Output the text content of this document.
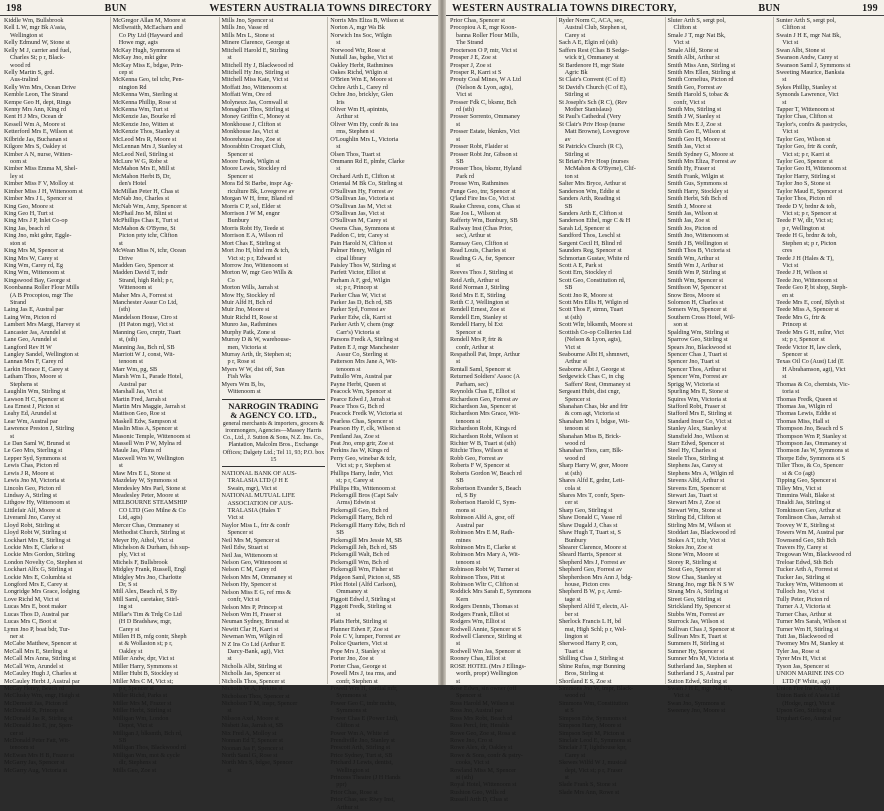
198	BUN	WESTERN AUSTRALIA TOWNS DIRECTORY
Kiddle Wm, Bullsbrook
Kell L W, mgr Bk A'asia,
Wellington st
Kelly Edmund W, Stone st
Kelly M J, carrier and fuel,
Charles St; p r, Black-
wood rd
Kelly Martin S, grd.
Aus-tralind
Kelly Wm Mrs, Ocean Drive
Kemble Leon, The Strand
Kempe Geo H, dept, Rings
Kenny Mrs Ann, King rd
Kent H J Mrs, Ocean dr
Kessell Wm A, Moore st
Ketterford Mrs E, Wilson st
Kilbride Jas, Buchanan st
Kilgore Mrs S, Oakley st
Kimber A N, nurse, Witten-
oom st
Kimber Miss Emma M, Shel-
ley st
Kimber Miss F V, Molloy st
Kimber Miss J H, Wittenoom st
Kimber Mrs J L, Spencer st
King Geo, Moore st
King Geo H, Turt st
King Mrs J P, Inlet Co-op
King Jas, beach rd
King Jno, mkt gdnr, Eggle-
ston st
King Mrs M, Spencer st
King Mrs W, Carey st
King Wm, Carey rd, Eg
King Wm, Wittenoom st
Kingswood Bay, George st
Koonbanna Roller Flour Mills
(A B Procopiou, mgr The
Strand
Laing Jas E, Austral par
Laing Wm, Picton rd
Lambert Mrs Margt, Harvey st
Lancaster Jas, Arundel st
Lane Geo, Arundel st
Langford Rev H W
Langley Sandel, Wellington st
Lannan Mrs F, Carey rd
Larkin Horace E, Carey st
Latham Thos, Moore st
Stephens st
Laughlin Wm, Stirling st
Lawson H C, Spencer st
Lea Ernest J, Picton st
Leahy Ed, Arundel st
Lear Wm, Austral par
Lawrence Preston J, Stirling
st
Le Dan Saml W, Brunsd st
Le Geo Mrs, Sterling st
Lepper Syd, Symmons st
Lewis Chas, Picton rd
Lewis J R, Moore st
Lewis Jno M, Victoria st
Lincoln Geo, Picton rd
Lindsay A, Stirling st
Lithgow Hy, Wittenoom st
Littlefair Alf, Moore st
Liveraml Jno, Carey st
Lloyd Robt, Stirling st
Lloyd Robt W, Stirling st
Lockhart Mrs E, Stirling st
Lockie Mrs E, Clarke st
Lockie Mrs Gordon, Stirling
London Novelty Co, Stephen st
Lockhart Alfx G, Stirling st
Lockie Mrs E, Columbia st
Longford Mrs E, Carey st
Longridge Mrs Grace, lodging
Love Richd M, Vict st
Lucas Mrs E, boot maker
Lucas Thos D, Austral par
Lucas Mrs C, Boot st
Lymn Jno P, boat bdr, Tur-
ner st
McCabe Matthew, Spencer st
McCall Mrs E, Sterling st
McCall Mrs Anna, Stirling st
McCall Wm, Arundel st
McCauley Hugh J, Charles st
McCauley Herbt J, Austral par
McCay Henry, Beach rd
McClusky Wm, engr, Haigh st
McDermott Jas, Picton rd
McDonald R, Princep st
McDonald Jas R, Stirling st
McDonald Jno E, jnr, Spen-
cer st
McDonald Peter Fatt, Wit-
tenoom st
McEwan Mrs H B, Frazer st
McGarry Jas, Spencer st
McGarry Aug, Victoria st
McGregor Allan M, Moore st
McIlwraith, McEacharn and
Co Pty Ltd (Hayward and
Howe mgr, agts
McKay Hugh, Symmons st
McKay Jno, mkt gdnr
McKay Miss E, bdgse, Prin-
cep st
McKenna Geo, tel tchr, Pen-
nington Rd
McKenna Wm, Sterling st
McKenna Phillip, Rose st
McKenna Wm, Turt st
McKenzie Jas, Bourke rd
McKenzie Jno, Witten st
McKenzie Thos, Stanley st
McLeod Mrs R, Moore st
McLennan Mrs J, Stanley st
McLeod Neil, Stirling st
McLure W G, Robe st
McMahon Mrs E, Mill st
McMahon Herbt B, Dr,
den's Hotel
McMillan Peter H, Chas st
McNab Jno, Charles st
McNab Wm, Amy, Spencer st
McPhail Jno M, Blint st
McPhillips Chas E, Turt st
McMahon & O'Byrne, St
Picton prty tchr, Clifton
st
McWean Miss N, tchr, Ocean
Drive
Madden Geo, Spencer st
Madden David T, tndr
Strand, high Rehl; p r,
Wittenoom st
Maher Mrs A, Forrest st
Manchester Assur Co Ltd,
(sth)
Mandelson House, Ciro st
(H Paton mgr), Vict st
Manning Geo, cnrptr, Tuart
st, (sth)
Manning Jas, Bch rd, SB
Marriott W J, const, Wit-
tenoom st
Marr Wm, pg, SB
Marsh Wm L, Parade Hotel,
Austral par
Marshall Jas, Vict st
Martin Fred, Jarrah st
Martin Mrs Maggie, Jarrah st
Mattison Geo, Roe st
Maskell Edw, Sampson st
Maslin Miss A, Spencer st
Masonic Temple, Wittenoom st
Massell Wm P W, Mylna rd
Maule Jas, Pluns rd
Maxwell Wm W, Wellington
st
Maw Mrs E L, Stone st
Mazdelay W, Symmons st
Mendesley Mrs Parl, Stone st
Meadesley Peter, Moore st
MELBOURNE STEAMSHIP
CO LTD (Geo Milne & Co
Ltd, agts)
Mercer Chas, Ommaney st
Methodist Church, Stirling st
Meyer Hy, Athol, Vict st
Michelson & Durham, fsh sup-
ply, Vict st
Michels F, Bullsbrook
Midgley Frank, Russell, Engl
Midgley Mrs Jno, Charlotte
Dr, S st
Mill Alex, Beach rd, S By
Mill Saml, caretaker, Stirl-
ing st
Millar's Tim & Trdg Co Ltd
(H D Bradshaw, mgr,
Carey st
Millen H B, mfg contr, Sheph
st & Wollaston st; p r,
Oakley st
Miller Andw, dpr, Vict st
Miller Harry, Symmons st
Miller Hubt B, Stockley st
Miller Mrs C M, Vict st;
p r, Spencer st
Miller Richd, Parks st
Miller Mrs M, Frazer st
Miller Herbt, Stirling st
Milligan Wm, London
Depot, Vict st
Milligan J, blksmth, Bch rd,
SB
Milligan Thos, Blackwood rd
Milligan Wm, mot & cycle
dlr, Stephens st
Mills Geo, Zoe st
Mills Jno, Spencer st
Mills Jno, Vasse rd
Mills Mrs L, Stone st
Minere Clarence, George st
Mitchell Harold E, Stirling
st
Mitchell Hy J, Blackwood rd
Mitchell Hy Jno, Stirling st
Mitchell Miss Kate, Vict st
Moffatt Jno, Wittenoom st
Moffatt Wm, Ore rd
Molyneux Jas, Cornwall st
Monaghan Thos, Stirling st
Money Griffin C, Money st
Monkhouse J, Clifton st
Monkhouse Jas, Vict st
Moorehouse Jno, Zoe st
Moorabbin Croquet Club,
Spencer st
Moore Frank, Wilgin st
Moore Lewis, Stockley rd
Spencer st
Mora Ed St Barbe, inspr Ag-
riculture Bk, Lovegrove av
Morgan W H, frmr, Bland rd
Morris C P, sol, Elder st
Morrison J W M, engnr
Bunbury
Morris Robt Hy, Teede st
Morrison E A, Wilson rd
Mort Chas E, Stirling st
Mort Jno H, blnd rm & tch,
Vict st; p r, Edward st
Morrow Jno, Wittenoom st
Morton W, mgr Geo Wills &
Co
Morton Wills, Jarrah st
Mow Hy, Stockley rd
Muir Alfd H, Bch rd
Muir Jno, Moore st
Muir Richd H, Rose st
Munro Jas, Rathmines
Murphy Patk, Zone st
Murray D & W, warehouse-
men, Victoria st
Murray Arth, tlr, Stephen st;
p r, Rose st
Myers W W, dist off, Sun
Fish Wks
Myers Wm B, bs,
Wittenoom st
NARROGIN TRADING
& AGENCY CO. LTD.,
general merchants & importers, grocers & ironmongers, Agencies—Massey Harris Co., Ltd., J. Sutton & Sons, N.Z. Ins. Co., Plantation, Malcolm Bros., Exchange Offices; Dalgety Ltd.; Tel 11, 93; P.O. box 15
NATIONAL BANK OF AUS-
TRALASIA LTD (J H E
Swain, mgr), Vict st
NATIONAL MUTUAL LIFE
ASSOCIATION OF AUS-
TRALASIA (Hales T
Vict st
Naylor Miss L, frtr & confr
Spencer st
Neil Mrs M, Spencer st
Neil Edw, Stuart st
Neil Jas, Wittenoom st
Nelson Geo, Wittenoom st
Nelson C M, Carey rd
Nelson Mrs M, Ommaney st
Nelson Hy, Spencer st
Nelson Miss E G, ref rms &
confr, Vict st
Nelson Mrs P, Princep st
Nelson Wm H, Fraser st
Neuman Sydney, Brunsd st
Newitt Clar H, Karri st
Newman Wm, Wilgin rd
N Z Ins Co Ltd (Arthur E
Darcy-Bank, agt), Vict
st
Nicholls Albt, Stirling st
Nicholls Jas, Spencer st
Nicholls Thos, Spencer st
Nicholls W A, Perkins st
Nicholson Thos, Spencer st
Nicholson T M, inspr, Spencer
st
Nilsson Axel, Moore st
Nisbett Jas, Jarrah st, SB
Nix Fred A, Molloy st
Nonnan Ed T, Spencer st
Noonan Jas F, Spencer st
North Saml G, Rose st
North Mrs S, bdgse, Spencer
st
Norris Mrs Eliza B, Wilson st
Norton A, mgr Wa Bk
Norwich Ins Soc, Wilgin
st
Norwood Wtr, Rose st
Nuttall Jas, bgdse, Vict st
Oakley Herbt, Rathmines
Oakes Richd, Wilgin st
O'Brien Wm E, Moore st
Ochre Arth L, Carey rd
Ochre Jno, bricklyr, Glen
Iris
Oliver Wm H, apintnts,
Arthur st
Oliver Wm Hy, confr & tea
rms, Stephen st
O'Loughlin Mrs L, Victoria
st
Olsen Thos, Tuart st
Ommann Rd E, plmbr, Clarke
st
Orchard Arth E, Clifton st
Oriental M Bk Co, Stirling st
O'Sullivan Hy, Forrest av
O'Sullivan Jas, Victoria st
O'Sullivan Jas M, Vict st
O'Sullivan Jas, Vict st
O'Sullivan M, Carey st
Owens Chas, Symmons st
Paddon C, trtr, Carey st
Pain Harold N, Clifton st
Palmer Henry, Wilgin rd
cipal library
Paisley Thos W, Stirling st
Parfett Victor, Elliot st
Parham A F, grd, Wilgin
st; p r, Princep st
Parker Chas W, Vict st
Parker Jas D, Bch rd, SB
Parker Syd, Forrest av
Parker Edw, clk, Karri st
Parker Arth V, chem (mgr
Carr's) Victoria st
Parsons Fredk A, Stirling st
Patten E J, mgr Manchester
Assur Co, Sterling st
Patterson Mrs Jane A, Wit-
tenoom st
Pattullo Wm, Austral par
Payne Herbt, Queen st
Peacock Wm, Spencer st
Pearce Edwd J, Jarrah st
Peace Thos G, Bch rd
Peacock Fredk W, Victoria st
Pearless Chas, Spencer st
Pearson Hy F, clk, Wilson st
Pentland Jas, Zoe st
Peat Jno, emp grtr, Zoe st
Perkins Jas W, Kings rd
Perry Geo, winebar & tclr,
Vict st; p r, Stephen st
Phillips Harry, lndrr, Vict
st; p r, Carey st
Phillips Hts, Wittenoom st
Pickersgill Bros (Capt Salv
Arms) Edwin st
Pickersgill Geo, Bch rd
Pickersgill Harry, Bch rd
Pickersgill Harry Edw, Bch rd
SB
Pickersgill Mrs Jessie M, SB
Pickersgill Jeh, Bch rd, SB
Pickersgill Walt, Bch rd
Pickersgill Wm, Bch rd
Pickersgill Wm, Fisher st
Pidgeon Saml, Picton st, SB
Pilot Hotel (Alfd Carlson),
Ommaney st
Piggott Edwd J, Stirling st
Piggott Fredk, Stirling st
st
Platts Herbt, Stirling st
Plunner Edwn F, Zoe st
Pole C V, lumper, Forrest av
Police Quarters, Vict st
Pope Mrs J, Stanley st
Porter Jno, Zoe st
Porter Chas, George st
Powell Mrs J, tea rms, and
confr, Stephen st
Powell Wm H, cordial mfr,
Symmons st
Power Geo C, tmbr mchts,
Symmons st
Power Chas E (Power Ltd),
Clifton st
Power Wm A, White rd
Prendiville Jno, Stanley st
Prescott Arth, Stirling st
Price Sydney, Turt st, SB
Prichard J Lewis, dentist,
Wellington st
Princess Theatre (J H Hands
ppr)
Prior Chas, Rose st
Prior Chas, sec Riwy Inst,
Arthur st
WESTERN AUSTRALIA TOWNS DIRECTORY,	BUN	199
Prior Chas, Spencer st
Procopiou A E, mgr Koon-
banna Roller Flour Mills,
The Strand
Procterson O P, mtr, Vict st
Prosper J E, Zoe st
Prosper J, Zoe st
Prosper R, Karri st S
Prouty Coal Mines, W A Ltd
(Nelson & Lyon, agts),
Vict st
Prosser Fdk C, bksmr, Bch
rd (sth)
Prosser Sorrento, Ommaney
st
Prosser Estate, bkmkrs, Vict
st
Prosser Robt, Flaider st
Prosser Robt Jnr, Gibson st
SB
Prosser Thos, bksmr, Hyland
Park rd
Prouse Wm, Rathmines
Punge Geo, tnr, Spencer st
Q'land Fire Ins Co, Vict st
Raake Chresu, cons, Chas st
Rae Jos L, Wilson st
Rafferty Wm, Bunbury, SB
Railway Inst (Chas Prior,
sec), Arthur st
Ramsay Geo, Clifton st
Read Louis, Charles st
Reading G A, fsr, Spencer
st
Reeves Thos J, Stirling st
Reid Arth, Arthur st
Reid Norman J, Stirling
Reid Mrs E E, Stirling
Reith C J, Wellington st
Rendell Ernest, Zoe st
Rendell Ern, Stanley st
Rendell Harry, bl Ext
Spencer st
Rendell Mrs P, frtr &
confr, Arthur st
Respatholl Pat, Impr, Arthur
st
Rentall Saml, Spencer st
Returned Soldiers' Assoc (A
Parham, sec)
Reynolds Chas E, Elliot st
Richardson Geo, Forrest av
Richardson Jas, Spencer st
Richardson Mrs Grace, Wit-
tenoom st
Richardson Robt, Kings rd
Richardson Robt, Wilson st
Richter W B, Tuart st (sth)
Ritchie Thos, Wilson st
Robb Geo, Forrest av
Roberts F W, Spencer st
Roberts Gordon W, Beach rd
SB
Robertson Evander S, Beach
rd, S By
Robertson Harold C, Sym-
mons st
Robinson Alfd A, grsr, off
Austral par
Robinson Mrs E M, Rath-
mines
Robinson Mrs E, Clarke st
Robinson Mrs Mary A, Wit-
tenoom st
Robinson Robt W, Turner st
Robinson Thos, Pitt st
Robinson Wltr C, Clifton st
Roddick Mrs Sarah E, Symmons
Kern
Rodgers Dennis, Thomas st
Rodgers Frank, Elliot st
Rodgers Wm, Elliot st
Rodwell Annie, Spencer st S
Rodwell Clarence, Stirling st
st
Rodwell Wm Jas, Spencer st
Rooney Chas, Elliot st
ROSE HOTEL (Mrs J Ellings-
worth, propr) Wellington
st
Rose Edwn, sin owner (off
Spencer st
Ross Harold M, Wilson st
Ross Jno, Austral par
Ross Mrs Robt, Beach rd
Ross Percl, frtr, Heralds
Rowe Geo, Zoe st, Rosa st
Rowe Jno, Cro st
Rowe Alex, dr, Oakley st
Rowe & Sons, confr & pstry-
cooks, Vict st
Rowland Miss M, Spencer
st (sth)
Royal Hotel, Wittenoom st
Rushton Geo, Wills rd
Russell Arth D, Chas st
Ryder Norm C, ACA, sec,
Austral Club, Stephen st,
Carey st
Sach A E, Elgin rd (sth)
Saffers Rest (Chas B Sedge-
wick tr), Ommaney st
St Bardenore H, mgr State
Agric Bk
St Clair's Convent (C of E)
St David's Church (C of E),
Stirling st
St Joseph's Sch (R C), (Rev
Mother Stanislaus)
St Paul's Cathedral (Very
St Clair's Priv Hosp (nurse
Matt Browne), Lovegrove
av
St Patrick's Church (R C),
Stirling st
St Brian's Priv Hosp (nurses
McMahon & O'Byrne), Clif-
ton st
Salter Mrs Bryce, Arthur st
Sanderson Wm, Eddie st
Sanders Arth, Reading st
SB
Sanders Arth E, Clifton st
Sanderson Ethel, mgr C & H
Sarah Ld, Spencer st
Sandford Thos, Leschl st
Sargent Cecil H, Blind rd
Saunders Reg, Spencer st
Schmortan Gustav, White rd
Scott A E, Park st
Scott Ern, Stockley rl
Scott Geo, Constitution rd,
SB
Scott Jno R, Moore st
Scott Mrs Ellis H, Wilgin rd
Scott Thos F, strmn, Tuart
st (sth)
Scott Wltr, blksmth, Moore st
Scottish Co-op Collieries Ltd
(Nelson & Lyon, agts),
Vict st
Seabourne Albt H, shmnwrt,
Arthur st
Seaborne Albt J, George st
Sedgewick Chas C, in chg
Saffers' Rest, Ommaney st
Sergeant Hubt, dist cngr,
Spencer st
Shanahan Chas, bkr and frtr
& com agt, Victoria st
Shanahan Mrs I, bdgse, Wit-
tenoom st
Shanahan Miss B, Brick-
wood rd
Shanahan Thos, carr, Blk-
wood rd
Sharp Harry W, grer, Moore
st (sth)
Shares Alfd E, grdnr, Leti-
cola st
Shares Mrs T, confr, Spen-
cer st
Sharp Geo, Stirling st
Shaw Donald C, Vasse rd
Shaw Dugald J, Chas st
Shaw Hugh T, Tuart st, S
Bunbury
Shearer Clarence, Moore st
Sheard Harris, Spencer st
Shepherd Mrs J, Forrest av
Shepherd Geo, Forrest av
Shepherdson Mrs Ann J, bdg-
house, Picton cres
Shepherd B W, p r, Armi-
tage st
Shepherd Alfd T, electn, Al-
ber st
Sherlock Francis L H, bd
mst, High Schl; p r, Wel-
lington st
Sherwood Harry P, con,
Tuart st
Shilling Chas J, Stirling st
Shine Rufus, mgr Bunning
Bros, Stirling st
Shortland E S, Zoe st
Simmons Jno W, tmpr, Black-
wood rd
Simmons Wm, Constitution
st S
Simpson Edw, Symmons st
Simpson Harry, Moore st
Simpson Sept M, Picton st
Sinclair Leod E, Symmons st
Sinclair J T, lighthouse kpr,
Carey st
Skewes Wilfd W J, musical
dept, Vict st; p r, Fraser
st
Slade Frank S, Stone st
Slade Mrs Ann, Rowe st
Sluter Arth S, sergt pol,
Clifton st
Smale J T, mgr Nat Bk,
Vict st
Smale Alfd, Stone st
Smith Albt, Arthur st
Smith Miss Ann, Stirling st
Smith Mrs Ellen, Stirling st
Smith Cornelius, Picton rd
Smith Geo, Forrest av
Smith Harold S, tobac &
confr, Vict st
Smith Mrs, Stirling st
Smith J W, Stanley st
Smith Mrs E J, Zoe st
Smith Geo E, Wilson st
Smith Geo H, Moore st
Smith Jas, Vict st
Smith Sydney G, Moore st
Smith Mrs Eliza, Forrest av
Smith Hy, Fraser st
Smith Frank, Wilgin st
Smith Gus, Symmons st
Smith Harry, Stockley st
Smith Herbt, Sth Bch rd
Smith J, Moore st
Smith Jas, Wilson st
Smith Jas, Zoe st
Smith Jos, Picton rd
Smith Jno, Wittenoom st
Smith J B, Wellington st
Smith Thos B, Victoria st
Smith Wm, Arthur st
Smith Wm J, Arthur st
Smith Wm P, Stirling st
Smith Wm, Spencer st
Smithson W, Spencer st
Snow Bros, Moore st
Solomon H, Charles st
Somers Wm, Spencer st
Southern Cross Hotel, Wil-
son st
Spalding Wm, Stirling st
Sparrow Geo, Stirling st
Spears Jno, Blackwood st
Spencer Chas J, Tuart st
Spencer Jno, Tuart st
Spencer Thos, Arthur st
Spencer Wm, Forrest av
Sprigg W, Victoria st
Spurling Mrs E, Stone st
Squires Wm, Victoria st
Stafford Robt, Fraser st
Stafford Mrs E, Stirling st
Standard Insur Co, Vict st
Stanley Alex, Stanley st
Stansfield Jno, Wilson st
Starr Edwd, Spencer st
Steel Hy, Charles st
Steele Thos, Stirling st
Stephens Jas, Carey st
Stephens Mrs A, Wilgin rd
Stevens Alfd, Arthur st
Stevens Ern, Spencer st
Stewart Jas, Tuart st
Stewart Mrs J, Zoe st
Stewart Wm, Stone st
Stirling Ed, Clifton st
Stirling Mrs M, Wilson st
Stoddart Jas, Blackwood rd
Stokes A T, tchr, Vict st
Stokes Jno, Zoe st
Stone Wm, Moore st
Storey R, Stirling st
Stout Geo, Spencer st
Stow Chas, Stanley st
Strang Jno, mgr Bk N S W
Strang Mrs A, Stirling st
Street Geo, Stirling st
Strickland Hy, Spencer st
Stubbs Wm, Forrest av
Sturrock Jas, Wilson st
Sullivan Chas J, Spencer st
Sullivan Mrs E, Tuart st
Summers H, Stirling st
Sumner Hy, Spencer st
Sumner Mrs M, Victoria st
Sutherland Jas, Stephen st
Sutherland J S, Austral par
Sutton Edwd, Stirling st
Swain J H E, mgr Nat Bk,
Vict st
Swan Jno, Symmons st
Sweeney Jno, Moore st
Sunter Arth S, sergt pol,
Clifton st
Swain J H E, mgr Nat Bk,
Vict st
Swan Albt, Stone st
Swanson Andw, Carey st
Swanson Saml J, Symmons st
Sweeting Maurice, Banksia
st
Sykes Phillip, Stanley st
Symonds Lawrence, Vict
st
Tapper T, Wittenoom st
Taylor Chas, Clifton st
Taylor's, confrs & pastrycks,
Vict st
Taylor Geo, Wilson st
Taylor Geo, frtr & confr,
Vict st; p r, Karri st
Taylor Geo, Spencer st
Taylor Geo H, Wittenoom st
Taylor Harry, Stirling st
Taylor Jno S, Stone st
Taylor Maud E, Spencer st
Taylor Thos, Picton rd
Teede D V, brdnr & tob,
Vict st; p r, Spencer st
Teede F W, dlr, Vict st;
p r, Wellington st
Teede H G, brdnr & tob,
Stephen st; p r, Picton
cres
Teede J H (Hales & T),
Vict st
Teede J H, Wilson st
Teede Jno, Wittenoom st
Teede Geo P, bt shop, Steph-
en st
Teede Mrs E, conf, Blyth st
Teede Miss A, Spencer st
Teede Mrs G, frtr &
Princep st
Teede Mrs G H, milnr, Vict
st; p r, Spencer st
Teede Victor H, law clerk,
Spencer st
Texas Oil Co (Aust) Ltd (E
H Abrahamson, agt), Vict
st
Thomas & Co, chemists, Vic-
toria st
Thomas Fredk, Queen st
Thomas Jas, Wilgin rd
Thomas Lewis, Eddie st
Thomas Miss, Hall st
Thompson Jno, Beach rd S
Thompson Wm P, Stanley st
Thompson Jas, Ommaney st
Thomson Jas W, Symmons st
Thorpe Edw, Symmons st S
Tiller Thos, & Co, Spencer
st & Co (agt)
Tipping Geo, Spencer st
Tilley Mrs, Vict st
Timmins Walt, Blake st
Tinaldi Jas, Stirling st
Tomkinson Geo, Arthur st
Tomlinson Chas, Jarrah st
Toovey W E, Stirling st
Towers Wm M, Austral par
Townsend Geo, Sth Bch
Travers Hy, Carey st
Tregowan Wm, Blackwood rd
Treloar Edwd, Sth Bch
Tucker Arth A, Forrest st
Tucker Jas, Stirling st
Tuckey Wm, Wittenoom st
Tulloch Jno, Vict st
Tully Peter, Picton rd
Turner A J, Victoria st
Turner Chas, Arthur st
Turner Mrs Sarah, Wilson st
Turner Wm H, Stirling st
Tutt Jas, Blackwood rd
Twomey Mrs M, Stanley st
Tyler Jas, Rose st
Tyrer Mrs H, Vict st
Tyson Jas, Spencer st
UNION MARINE INS CO
LTD (F White, agt)
Union Fire Ins Co, Vict st
Union Bank of A'asia Ltd
(Hodge, mgr), Vict st
Upson Geo, Stirling st
Urquhart Geo, Austral par
